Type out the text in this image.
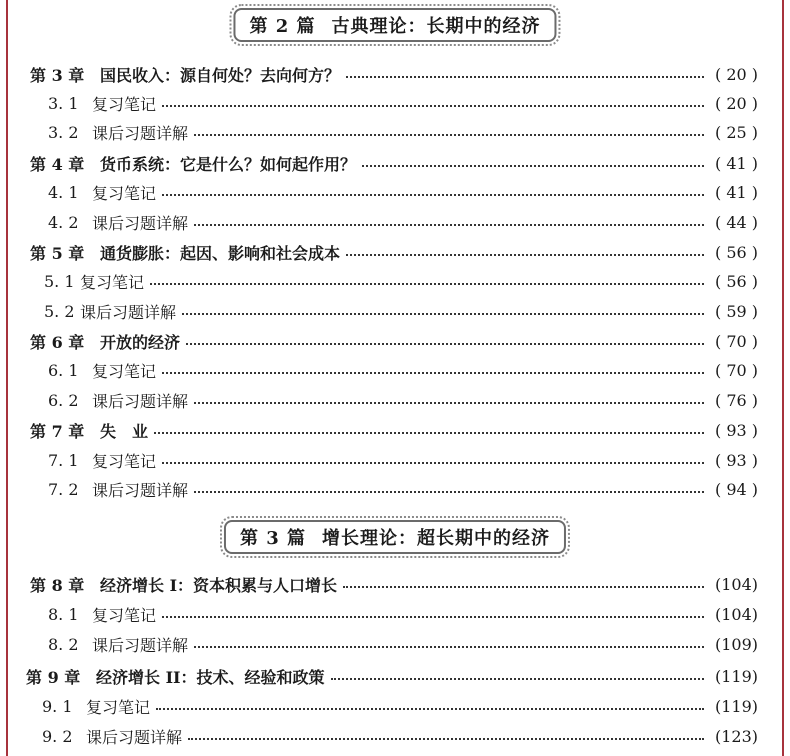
第 2 篇 古典理论：长期中的经济
第 3 章 国民收入：源自何处？去向何方？	( 20 )
3. 1 复习笔记	( 20 )
3. 2 课后习题详解	( 25 )
第 4 章 货币系统：它是什么？如何起作用？	( 41 )
4. 1 复习笔记	( 41 )
4. 2 课后习题详解	( 44 )
第 5 章 通货膨胀：起因、影响和社会成本	( 56 )
5. 1 复习笔记	( 56 )
5. 2 课后习题详解	( 59 )
第 6 章 开放的经济	( 70 )
6. 1 复习笔记	( 70 )
6. 2 课后习题详解	( 76 )
第 7 章 失　业	( 93 )
7. 1 复习笔记	( 93 )
7. 2 课后习题详解	( 94 )
第 3 篇 增长理论：超长期中的经济
第 8 章 经济增长 I：资本积累与人口增长	(104)
8. 1 复习笔记	(104)
8. 2 课后习题详解	(109)
第 9 章 经济增长 II：技术、经验和政策	(119)
9. 1 复习笔记	(119)
9. 2 课后习题详解	(123)
